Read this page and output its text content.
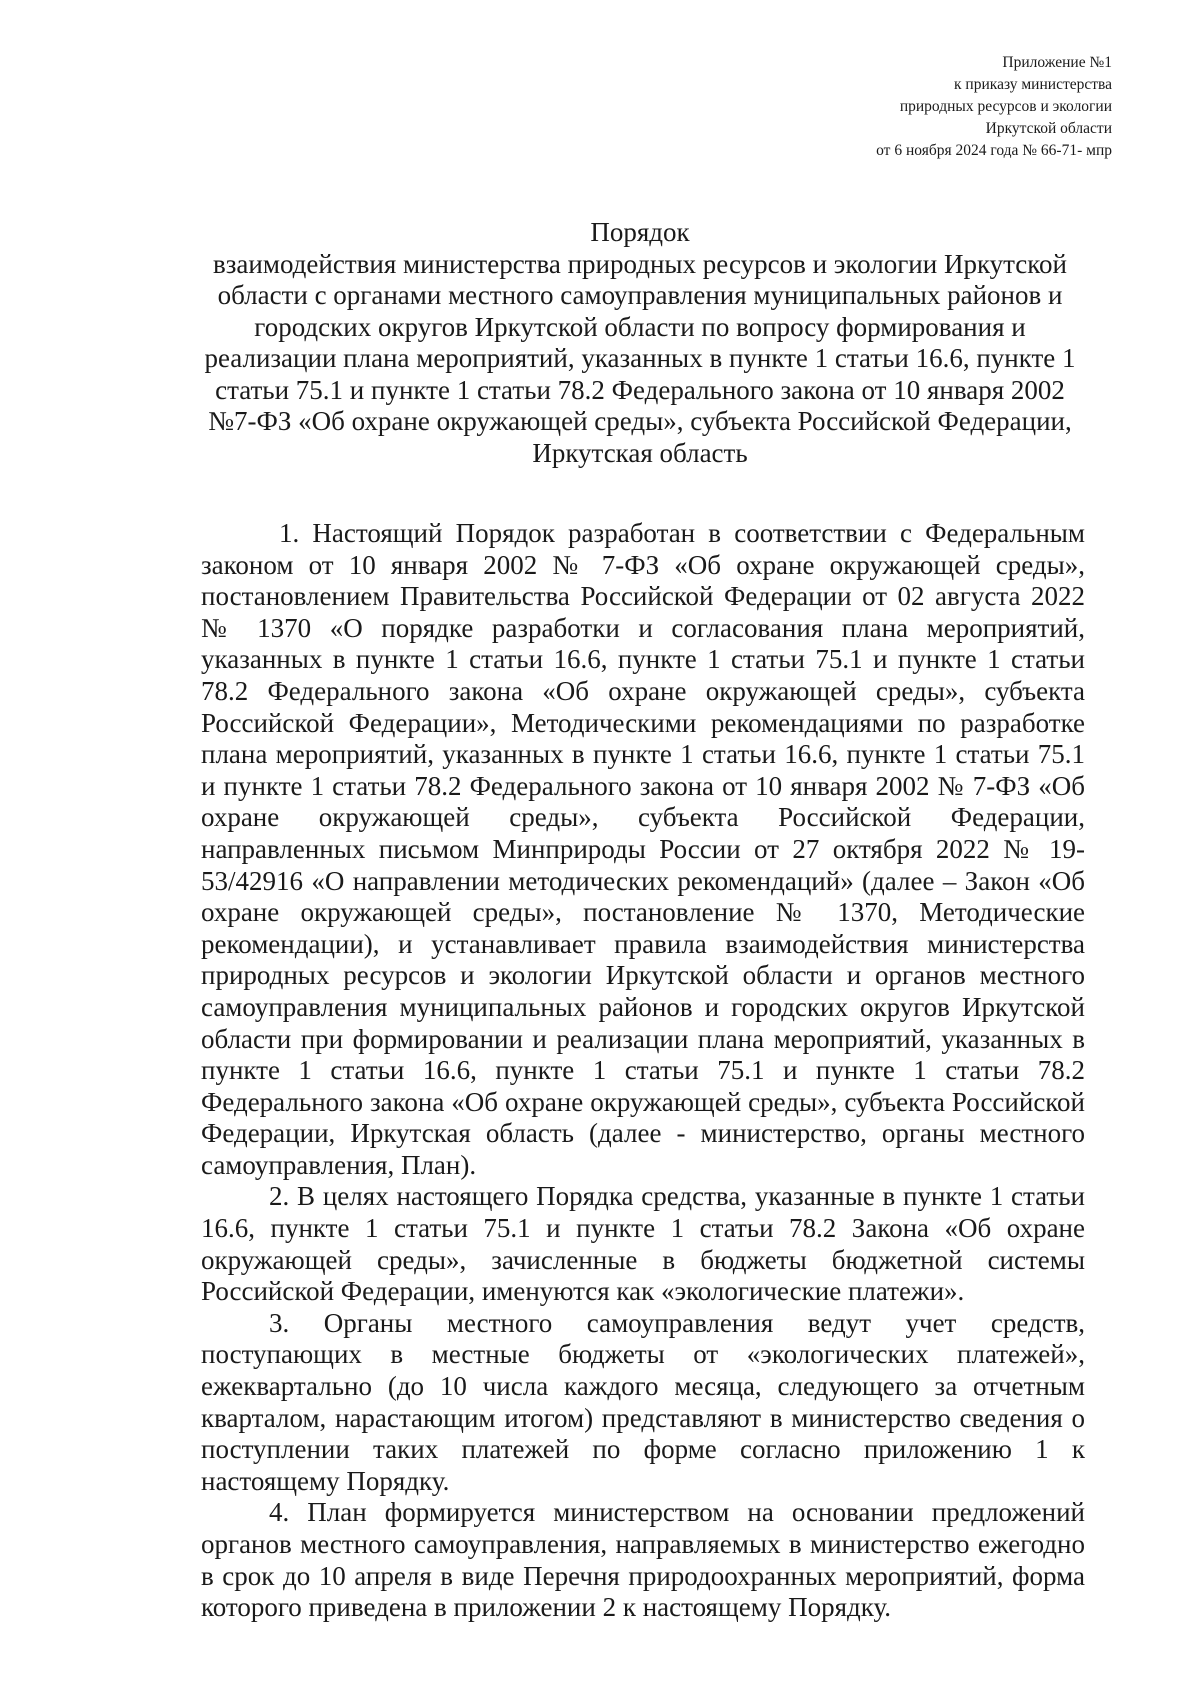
Приложение №1
к приказу министерства
природных ресурсов и экологии
Иркутской области
от 6 ноября 2024 года № 66-71- мпр
Порядок
взаимодействия министерства природных ресурсов и экологии Иркутской области с органами местного самоуправления муниципальных районов и городских округов Иркутской области по вопросу формирования и реализации плана мероприятий, указанных в пункте 1 статьи 16.6, пункте 1 статьи 75.1 и пункте 1 статьи 78.2 Федерального закона от 10 января 2002 №7-ФЗ «Об охране окружающей среды», субъекта Российской Федерации, Иркутская область

1. Настоящий Порядок разработан в соответствии с Федеральным законом от 10 января 2002 № 7-ФЗ «Об охране окружающей среды», постановлением Правительства Российской Федерации от 02 августа 2022 № 1370 «О порядке разработки и согласования плана мероприятий, указанных в пункте 1 статьи 16.6, пункте 1 статьи 75.1 и пункте 1 статьи 78.2 Федерального закона «Об охране окружающей среды», субъекта Российской Федерации», Методическими рекомендациями по разработке плана мероприятий, указанных в пункте 1 статьи 16.6, пункте 1 статьи 75.1 и пункте 1 статьи 78.2 Федерального закона от 10 января 2002 № 7-ФЗ «Об охране окружающей среды», субъекта Российской Федерации, направленных письмом Минприроды России от 27 октября 2022 № 19-53/42916 «О направлении методических рекомендаций» (далее – Закон «Об охране окружающей среды», постановление № 1370, Методические рекомендации), и устанавливает правила взаимодействия министерства природных ресурсов и экологии Иркутской области и органов местного самоуправления муниципальных районов и городских округов Иркутской области при формировании и реализации плана мероприятий, указанных в пункте 1 статьи 16.6, пункте 1 статьи 75.1 и пункте 1 статьи 78.2 Федерального закона «Об охране окружающей среды», субъекта Российской Федерации, Иркутская область (далее - министерство, органы местного самоуправления, План).

2. В целях настоящего Порядка средства, указанные в пункте 1 статьи 16.6, пункте 1 статьи 75.1 и пункте 1 статьи 78.2 Закона «Об охране окружающей среды», зачисленные в бюджеты бюджетной системы Российской Федерации, именуются как «экологические платежи».

3. Органы местного самоуправления ведут учет средств, поступающих в местные бюджеты от «экологических платежей», ежеквартально (до 10 числа каждого месяца, следующего за отчетным кварталом, нарастающим итогом) представляют в министерство сведения о поступлении таких платежей по форме согласно приложению 1 к настоящему Порядку.

4. План формируется министерством на основании предложений органов местного самоуправления, направляемых в министерство ежегодно в срок до 10 апреля в виде Перечня природоохранных мероприятий, форма которого приведена в приложении 2 к настоящему Порядку.
